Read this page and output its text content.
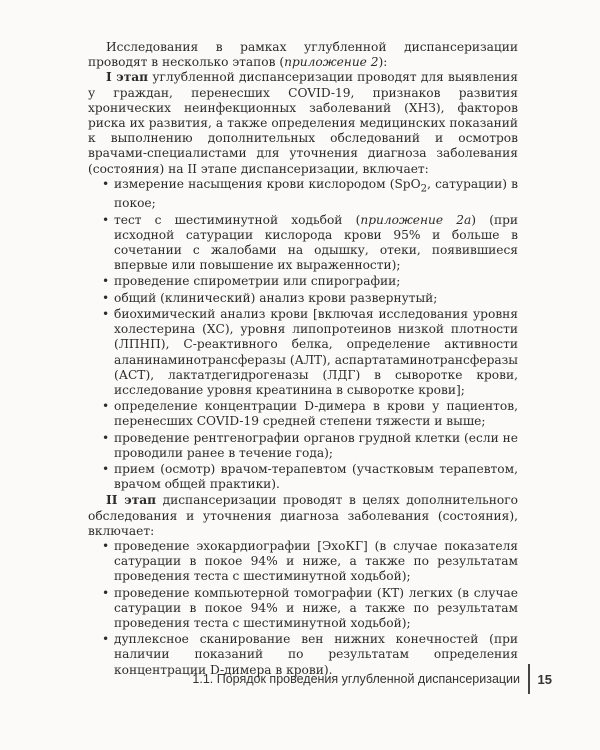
Исследования в рамках углубленной диспансеризации проводят в несколько этапов (приложение 2):

I этап углубленной диспансеризации проводят для выявления у граждан, перенесших COVID-19, признаков развития хронических неинфекционных заболеваний (ХНЗ), факторов риска их развития, а также определения медицинских показаний к выполнению дополнительных обследований и осмотров врачами-специалистами для уточнения диагноза заболевания (состояния) на II этапе диспансеризации, включает:

• измерение насыщения крови кислородом (SpO$_2$, сатурации) в покое;
• тест с шестиминутной ходьбой (приложение 2а) (при исходной сатурации кислорода крови 95% и больше в сочетании с жалобами на одышку, отеки, появившиеся впервые или повышение их выраженности);
• проведение спирометрии или спирографии;
• общий (клинический) анализ крови развернутый;
• биохимический анализ крови [включая исследования уровня холестерина (ХС), уровня липопротеинов низкой плотности (ЛПНП), С-реактивного белка, определение активности аланинаминотрансферазы (АЛТ), аспартатаминотрансферазы (АСТ), лактатдегидрогеназы (ЛДГ) в сыворотке крови, исследование уровня креатинина в сыворотке крови];
• определение концентрации D-димера в крови у пациентов, перенесших COVID-19 средней степени тяжести и выше;
• проведение рентгенографии органов грудной клетки (если не проводили ранее в течение года);
• прием (осмотр) врачом-терапевтом (участковым терапевтом, врачом общей практики).

II этап диспансеризации проводят в целях дополнительного обследования и уточнения диагноза заболевания (состояния), включает:

• проведение эхокардиографии [ЭхоКГ] (в случае показателя сатурации в покое 94% и ниже, а также по результатам проведения теста с шестиминутной ходьбой);
• проведение компьютерной томографии (КТ) легких (в случае сатурации в покое 94% и ниже, а также по результатам проведения теста с шестиминутной ходьбой);
• дуплексное сканирование вен нижних конечностей (при наличии показаний по результатам определения концентрации D-димера в крови).
1.1. Порядок проведения углубленной диспансеризации 15
